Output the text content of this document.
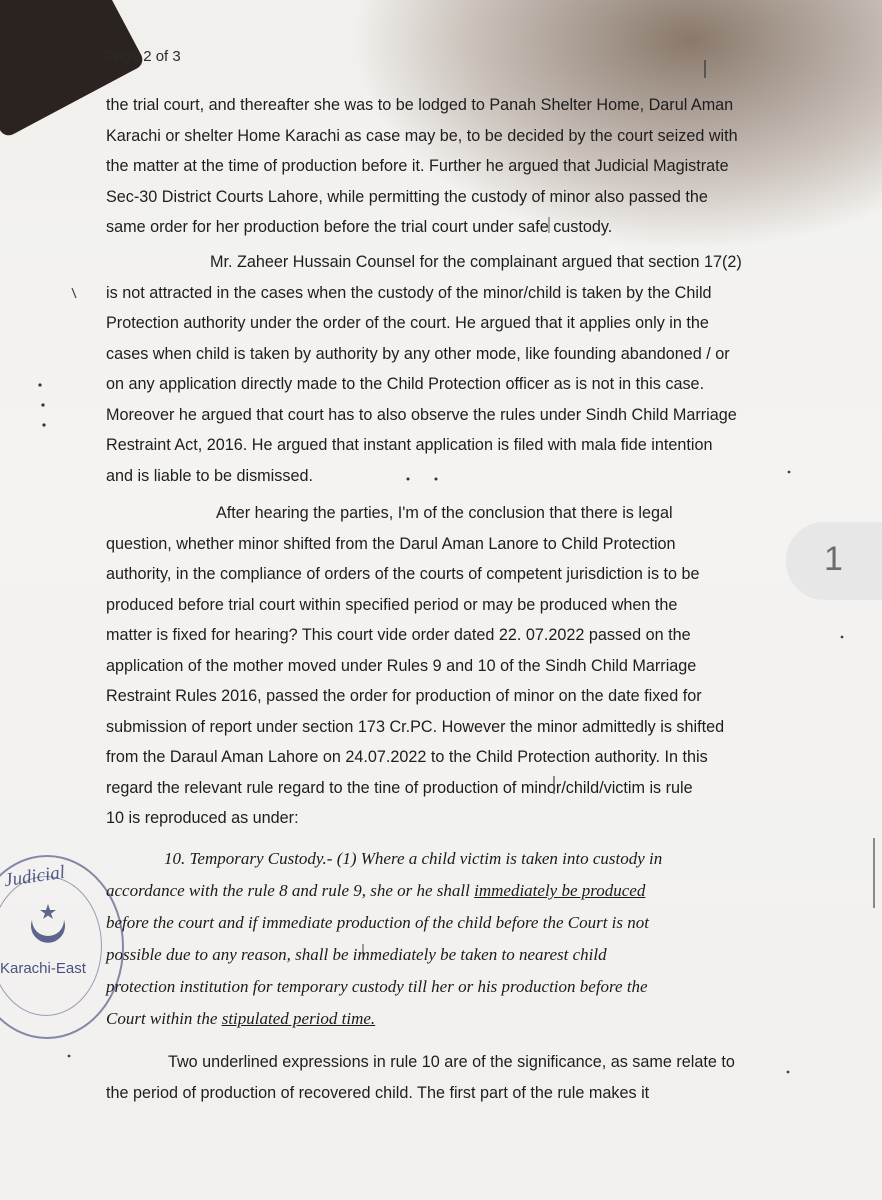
Page 2 of 3
the trial court, and thereafter she was to be lodged to Panah Shelter Home, Darul Aman
Karachi or shelter Home Karachi as case may be, to be decided by the court seized with
the matter at the time of production before it. Further he argued that Judicial Magistrate
Sec-30 District Courts Lahore, while permitting the custody of minor also passed the
same order for her production before the trial court under safe custody.
Mr. Zaheer Hussain Counsel for the complainant argued that section 17(2)
is not attracted in the cases when the custody of the minor/child is taken by the Child
Protection authority under the order of the court. He argued that it applies only in the
cases when child is taken by authority by any other mode, like founding abandoned / or
on any application directly made to the Child Protection officer as is not in this case.
Moreover he argued that court has to also observe the rules under Sindh Child Marriage
Restraint Act, 2016. He argued that instant application is filed with mala fide intention
and is liable to be dismissed.
After hearing the parties, I'm of the conclusion that there is legal
question, whether minor shifted from the Darul Aman Lanore to Child Protection
authority, in the compliance of orders of the courts of competent jurisdiction is to be
produced before trial court within specified period or may be produced when the
matter is fixed for hearing? This court vide order dated 22. 07.2022 passed on the
application of the mother moved under Rules 9 and 10 of the Sindh Child Marriage
Restraint Rules 2016, passed the order for production of minor on the date fixed for
submission of report under section 173 Cr.PC. However the minor admittedly is shifted
from the Daraul Aman Lahore on 24.07.2022 to the Child Protection authority. In this
regard the relevant rule regard to the tine of production of minor/child/victim is rule
10 is reproduced as under:
10. Temporary Custody.- (1) Where a child victim is taken into custody in
accordance with the rule 8 and rule 9, she or he shall immediately be produced
before the court and if immediate production of the child before the Court is not
possible due to any reason, shall be immediately be taken to nearest child
protection institution for temporary custody till her or his production before the
Court within the stipulated period time.
Two underlined expressions in rule 10 are of the significance, as same relate to
the period of production of recovered child. The first part of the rule makes it
Judicial
Karachi-East
1
